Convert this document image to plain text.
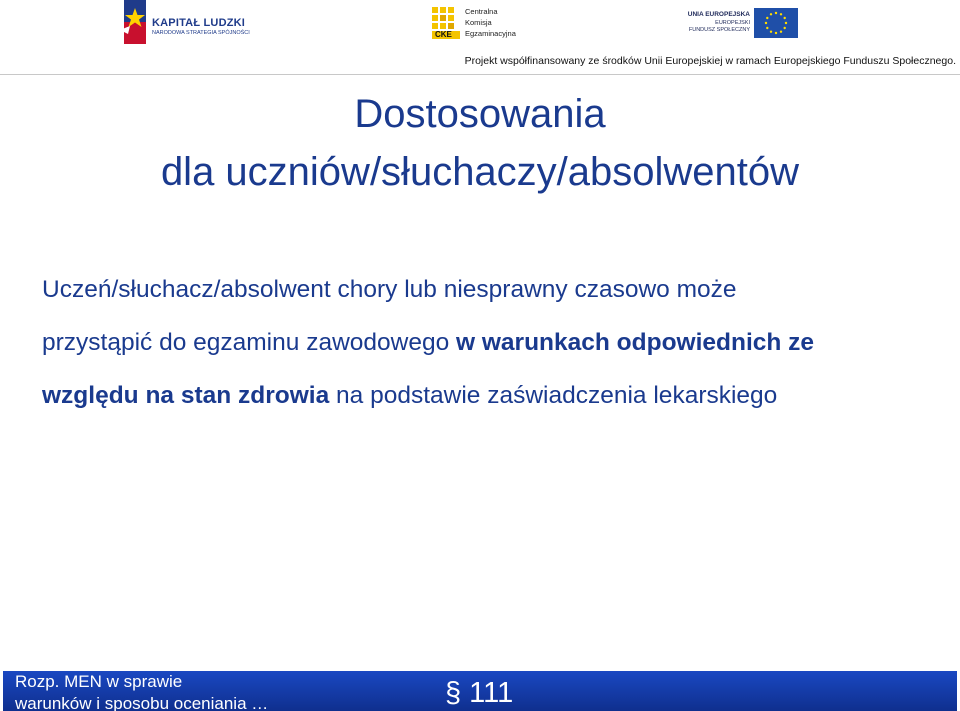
KAPITAŁ LUDZKI
NARODOWA STRATEGIA SPÓJNOŚCI	CKE
Centralna
Komisja
Egzaminacyjna
UNIA EUROPEJSKA
EUROPEJSKI
FUNDUSZ SPOŁECZNY
Projekt współfinansowany ze środków Unii Europejskiej w ramach Europejskiego Funduszu Społecznego.
Dostosowania
dla uczniów/słuchaczy/absolwentów
Uczeń/słuchacz/absolwent chory lub niesprawny czasowo może
przystąpić do egzaminu zawodowego w warunkach odpowiednich ze
względu na stan zdrowia na podstawie zaświadczenia lekarskiego
Rozp. MEN w sprawie
warunków i sposobu oceniania …	§ 111
